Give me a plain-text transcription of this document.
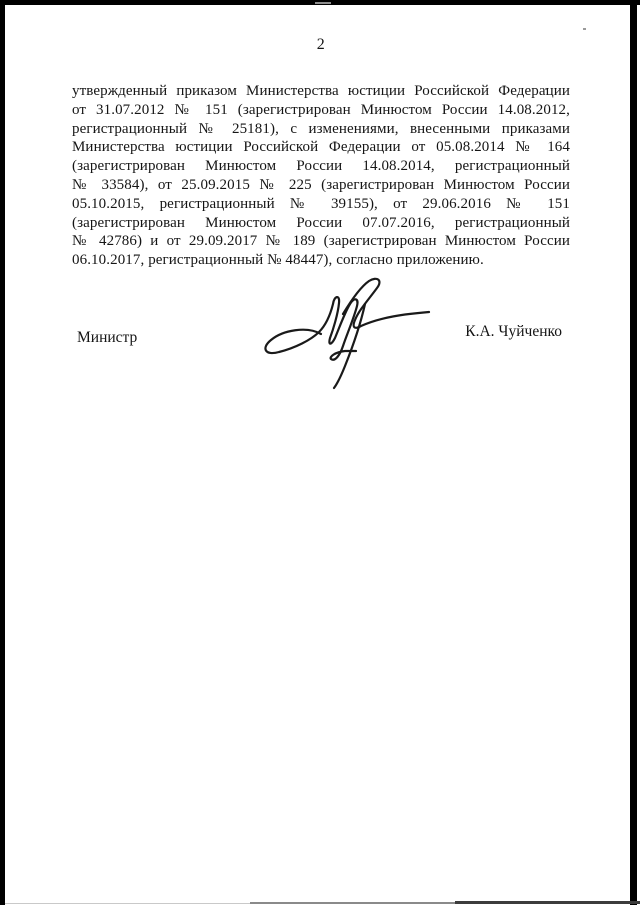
2
утвержденный приказом Министерства юстиции Российской Федерации
от 31.07.2012 № 151 (зарегистрирован Минюстом России 14.08.2012,
регистрационный № 25181), с изменениями, внесенными приказами
Министерства юстиции Российской Федерации от 05.08.2014 № 164
(зарегистрирован Минюстом России 14.08.2014, регистрационный
№ 33584), от 25.09.2015 № 225 (зарегистрирован Минюстом России
05.10.2015, регистрационный № 39155), от 29.06.2016 № 151
(зарегистрирован Минюстом России 07.07.2016, регистрационный
№ 42786) и от 29.09.2017 № 189 (зарегистрирован Минюстом России
06.10.2017, регистрационный № 48447), согласно приложению.
Министр	К.А. Чуйченко
